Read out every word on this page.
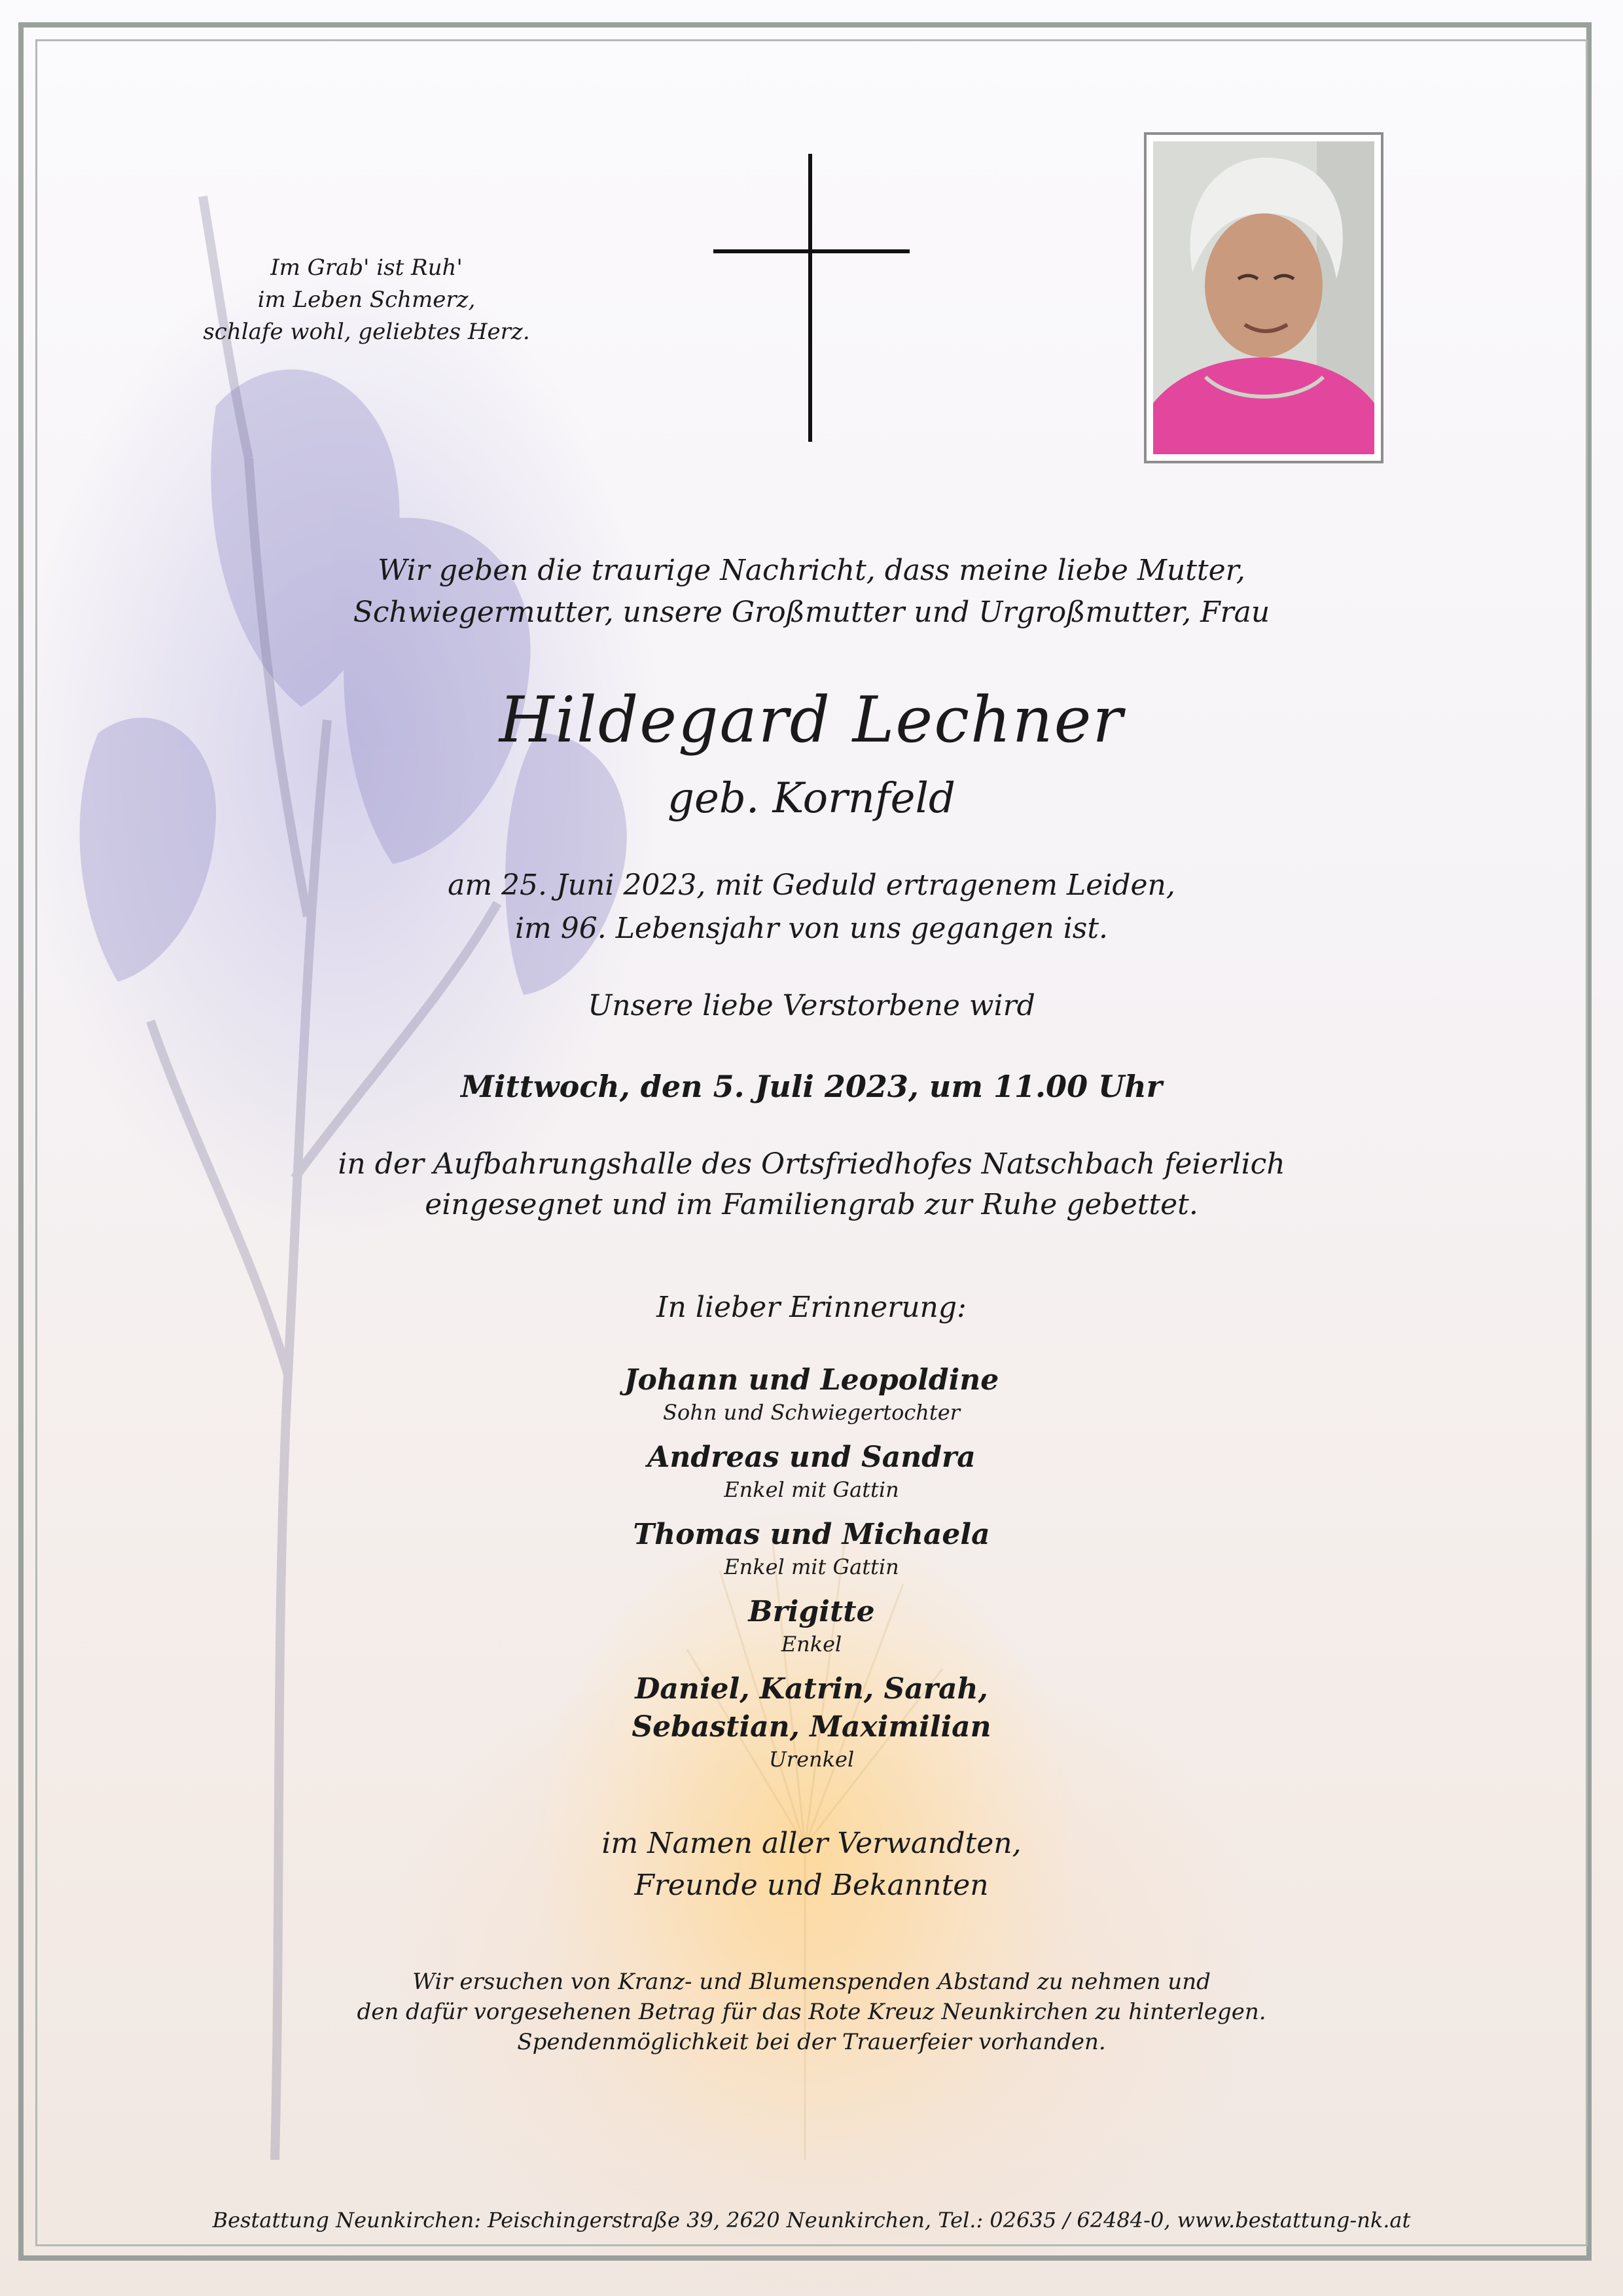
Im Grab' ist Ruh'
im Leben Schmerz,
schlafe wohl, geliebtes Herz.
Wir geben die traurige Nachricht, dass meine liebe Mutter,
Schwiegermutter, unsere Großmutter und Urgroßmutter, Frau
Hildegard Lechner
geb. Kornfeld
am 25. Juni 2023, mit Geduld ertragenem Leiden,
im 96. Lebensjahr von uns gegangen ist.
Unsere liebe Verstorbene wird
Mittwoch, den 5. Juli 2023, um 11.00 Uhr
in der Aufbahrungshalle des Ortsfriedhofes Natschbach feierlich
eingesegnet und im Familiengrab zur Ruhe gebettet.
In lieber Erinnerung:
Johann und Leopoldine
Sohn und Schwiegertochter
Andreas und Sandra
Enkel mit Gattin
Thomas und Michaela
Enkel mit Gattin
Brigitte
Enkel
Daniel, Katrin, Sarah,
Sebastian, Maximilian
Urenkel
im Namen aller Verwandten,
Freunde und Bekannten
Wir ersuchen von Kranz- und Blumenspenden Abstand zu nehmen und
den dafür vorgesehenen Betrag für das Rote Kreuz Neunkirchen zu hinterlegen.
Spendenmöglichkeit bei der Trauerfeier vorhanden.
Bestattung Neunkirchen: Peischingerstraße 39, 2620 Neunkirchen, Tel.: 02635 / 62484-0, www.bestattung-nk.at
